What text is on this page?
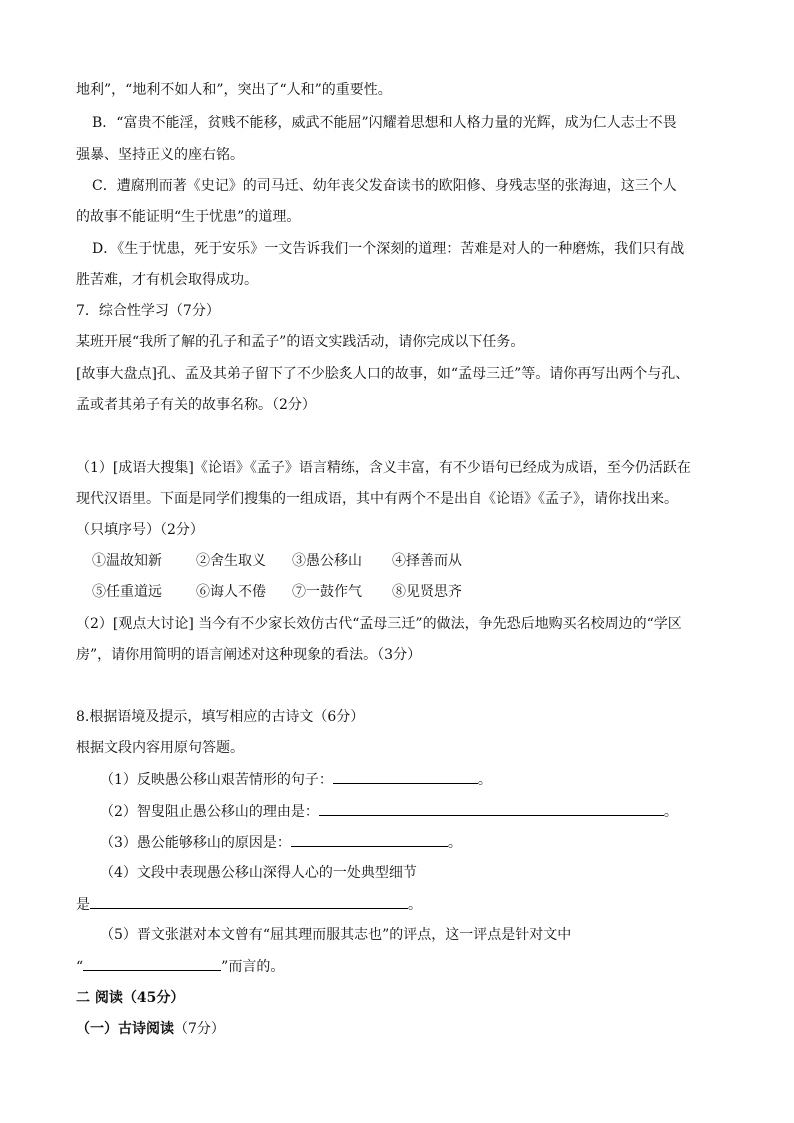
地利”，“地利不如人和”，突出了“人和”的重要性。
B．“富贵不能淫，贫贱不能移，威武不能屈”闪耀着思想和人格力量的光辉，成为仁人志士不畏
强暴、坚持正义的座右铭。
C．遭腐刑而著《史记》的司马迁、幼年丧父发奋读书的欧阳修、身残志坚的张海迪，这三个人
的故事不能证明“生于忧患”的道理。
D．《生于忧患，死于安乐》一文告诉我们一个深刻的道理：苦难是对人的一种磨炼，我们只有战
胜苦难，才有机会取得成功。
7．综合性学习（7分）
某班开展“我所了解的孔子和孟子”的语文实践活动，请你完成以下任务。
[故事大盘点]孔、孟及其弟子留下了不少脍炙人口的故事，如“孟母三迁”等。请你再写出两个与孔、
孟或者其弟子有关的故事名称。（2分）
（1）[成语大搜集]《论语》《孟子》语言精练，含义丰富，有不少语句已经成为成语，至今仍活跃在
现代汉语里。下面是同学们搜集的一组成语，其中有两个不是出自《论语》《孟子》，请你找出来。
（只填序号）（2分）
①温故知新 ②舍生取义 ③愚公移山 ④择善而从
⑤任重道远 ⑥诲人不倦 ⑦一鼓作气 ⑧见贤思齐
（2）[观点大讨论] 当今有不少家长效仿古代“孟母三迁”的做法，争先恐后地购买名校周边的“学区
房”，请你用简明的语言阐述对这种现象的看法。（3分）
8.根据语境及提示，填写相应的古诗文（6分）
根据文段内容用原句答题。
（1）反映愚公移山艰苦情形的句子：	。
（2）智叟阻止愚公移山的理由是：	。
（3）愚公能够移山的原因是：	。
（4）文段中表现愚公移山深得人心的一处典型细节
是	。
（5）晋文张湛对本文曾有“屈其理而服其志也”的评点，这一评点是针对文中
“	”而言的。
二 阅读（45分）
（一）古诗阅读（7分）
